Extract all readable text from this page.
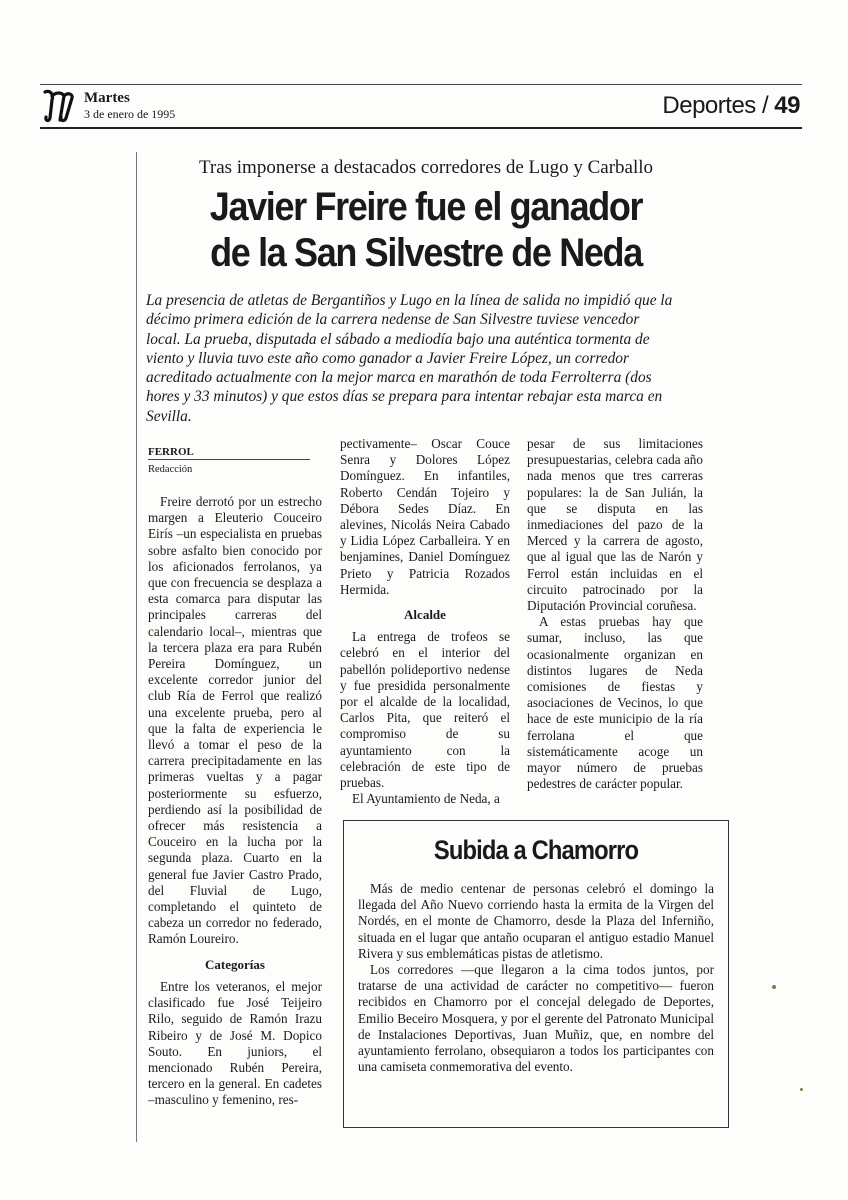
Martes
3 de enero de 1995	Deportes / 49
Tras imponerse a destacados corredores de Lugo y Carballo
Javier Freire fue el ganador
de la San Silvestre de Neda
La presencia de atletas de Bergantiños y Lugo en la línea de salida no impidió que la décimo primera edición de la carrera nedense de San Silvestre tuviese vencedor local. La prueba, disputada el sábado a mediodía bajo una auténtica tormenta de viento y lluvia tuvo este año como ganador a Javier Freire López, un corredor acreditado actualmente con la mejor marca en marathón de toda Ferrolterra (dos hores y 33 minutos) y que estos días se prepara para intentar rebajar esta marca en Sevilla.
FERROL
Redacción

Freire derrotó por un estrecho margen a Eleuterio Couceiro Eirís –un especialista en pruebas sobre asfalto bien conocido por los aficionados ferrolanos, ya que con frecuencia se desplaza a esta comarca para disputar las principales carreras del calendario local–, mientras que la tercera plaza era para Rubén Pereira Domínguez, un excelente corredor junior del club Ría de Ferrol que realizó una excelente prueba, pero al que la falta de experiencia le llevó a tomar el peso de la carrera precipitadamente en las primeras vueltas y a pagar posteriormente su esfuerzo, perdiendo así la posibilidad de ofrecer más resistencia a Couceiro en la lucha por la segunda plaza. Cuarto en la general fue Javier Castro Prado, del Fluvial de Lugo, completando el quinteto de cabeza un corredor no federado, Ramón Loureiro.

Categorías

Entre los veteranos, el mejor clasificado fue José Teijeiro Rilo, seguido de Ramón Irazu Ribeiro y de José M. Dopico Souto. En juniors, el mencionado Rubén Pereira, tercero en la general. En cadetes –masculino y femenino, res-

pectivamente– Oscar Couce Senra y Dolores López Domínguez. En infantiles, Roberto Cendán Tojeiro y Débora Sedes Díaz. En alevines, Nicolás Neira Cabado y Lidia López Carballeira. Y en benjamines, Daniel Domínguez Prieto y Patricia Rozados Hermida.

Alcalde

La entrega de trofeos se celebró en el interior del pabellón polideportivo nedense y fue presidida personalmente por el alcalde de la localidad, Carlos Pita, que reiteró el compromiso de su ayuntamiento con la celebración de este tipo de pruebas.

El Ayuntamiento de Neda, a

pesar de sus limitaciones presupuestarias, celebra cada año nada menos que tres carreras populares: la de San Julián, la que se disputa en las inmediaciones del pazo de la Merced y la carrera de agosto, que al igual que las de Narón y Ferrol están incluidas en el circuito patrocinado por la Diputación Provincial coruñesa.

A estas pruebas hay que sumar, incluso, las que ocasionalmente organizan en distintos lugares de Neda comisiones de fiestas y asociaciones de Vecinos, lo que hace de este municipio de la ría ferrolana el que sistemáticamente acoge un mayor número de pruebas pedestres de carácter popular.

Subida a Chamorro

Más de medio centenar de personas celebró el domingo la llegada del Año Nuevo corriendo hasta la ermita de la Virgen del Nordés, en el monte de Chamorro, desde la Plaza del Inferniño, situada en el lugar que antaño ocuparan el antiguo estadio Manuel Rivera y sus emblemáticas pistas de atletismo.

Los corredores —que llegaron a la cima todos juntos, por tratarse de una actividad de carácter no competitivo— fueron recibidos en Chamorro por el concejal delegado de Deportes, Emilio Beceiro Mosquera, y por el gerente del Patronato Municipal de Instalaciones Deportivas, Juan Muñiz, que, en nombre del ayuntamiento ferrolano, obsequiaron a todos los participantes con una camiseta conmemorativa del evento.
